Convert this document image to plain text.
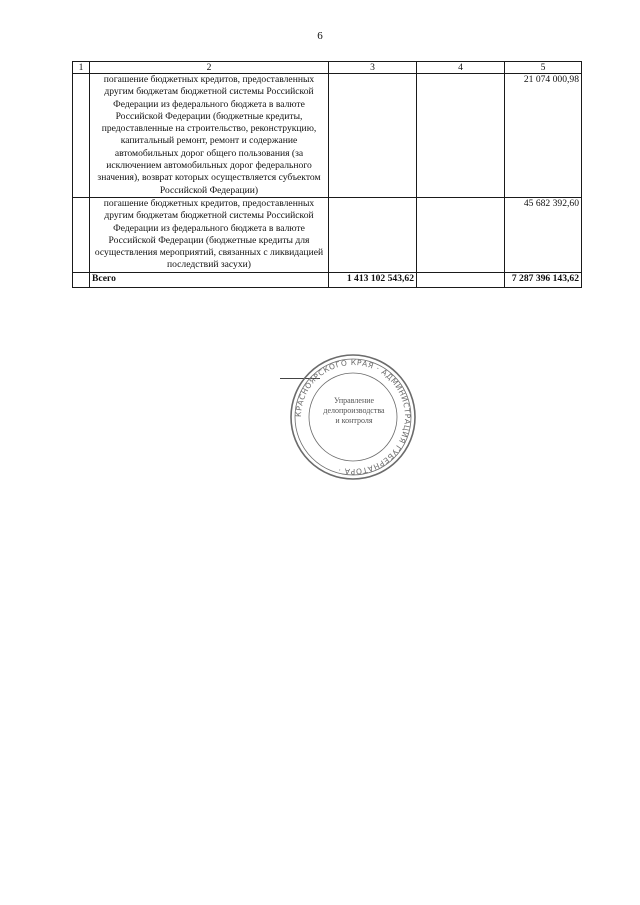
6
1	2	3	4	5
	погашение бюджетных кредитов, предоставленных другим бюджетам бюджетной системы Российской Федерации из федерального бюджета в валюте Российской Федерации (бюджетные кредиты, предоставленные на строительство, реконструкцию, капитальный ремонт, ремонт и содержание автомобильных дорог общего пользования (за исключением автомобильных дорог федерального значения), возврат которых осуществляется субъектом Российской Федерации)			21 074 000,98
	погашение бюджетных кредитов, предоставленных другим бюджетам бюджетной системы Российской Федерации из федерального бюджета в валюте Российской Федерации (бюджетные кредиты для осуществления мероприятий, связанных с ликвидацией последствий засухи)			45 682 392,60
	Всего	1 413 102 543,62		7 287 396 143,62
КРАСНОЯРСКОГО КРАЯ · АДМИНИСТРАЦИЯ ГУБЕРНАТОРА ·
Управление
делопроизводства
и контроля
